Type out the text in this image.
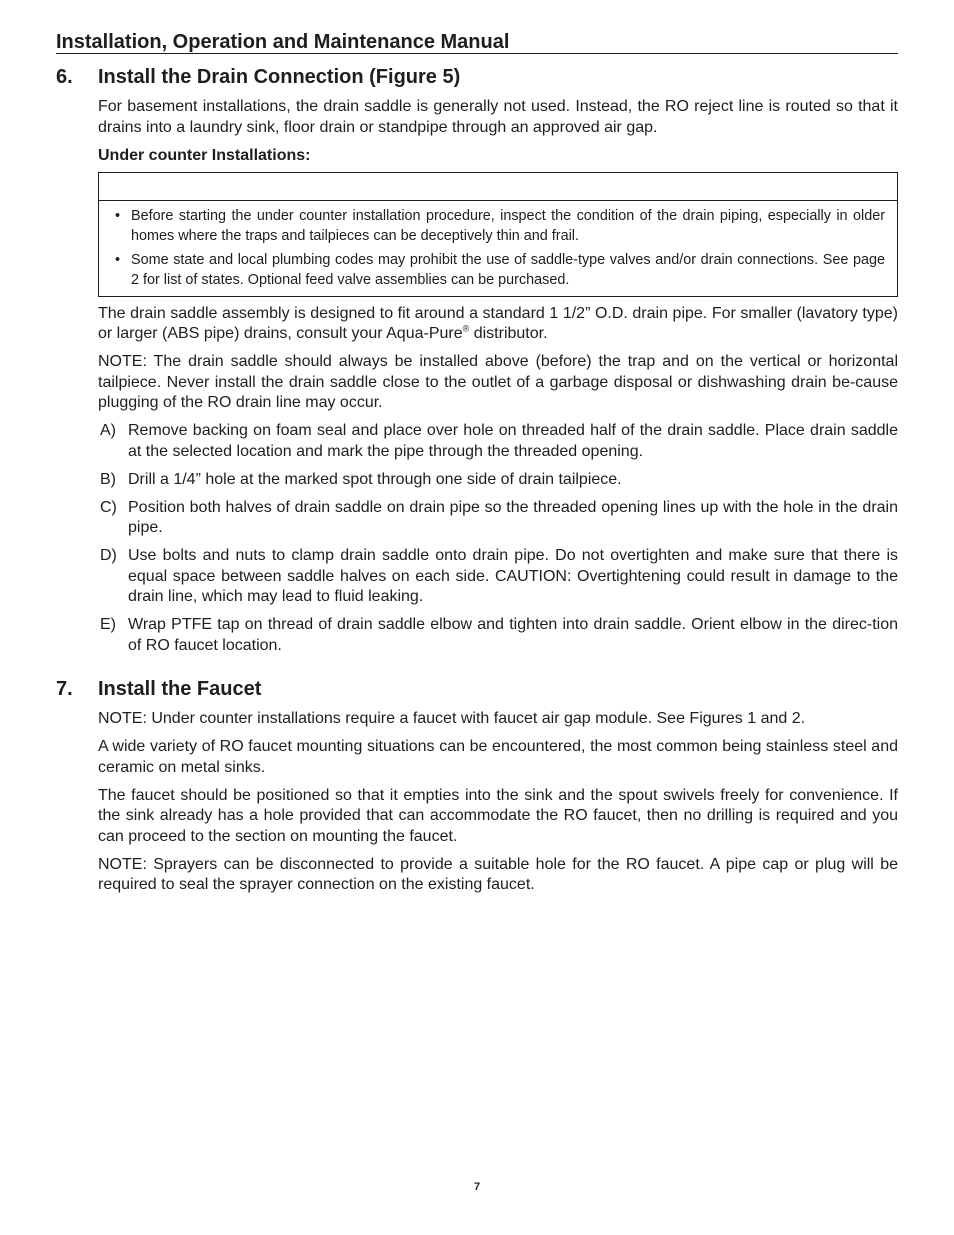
Installation, Operation and Maintenance Manual
6.	Install the Drain Connection (Figure 5)

For basement installations, the drain saddle is generally not used. Instead, the RO reject line is routed so that it drains into a laundry sink, floor drain or standpipe through an approved air gap.

Under counter Installations:
• Before starting the under counter installation procedure, inspect the condition of the drain piping, especially in older homes where the traps and tailpieces can be deceptively thin and frail.
• Some state and local plumbing codes may prohibit the use of saddle-type valves and/or drain connections. See page 2 for list of states. Optional feed valve assemblies can be purchased.

The drain saddle assembly is designed to fit around a standard 1 1/2” O.D. drain pipe. For smaller (lavatory type) or larger (ABS pipe) drains, consult your Aqua-Pure® distributor.

NOTE: The drain saddle should always be installed above (before) the trap and on the vertical or horizontal tailpiece. Never install the drain saddle close to the outlet of a garbage disposal or dishwashing drain be-cause plugging of the RO drain line may occur.

A) Remove backing on foam seal and place over hole on threaded half of the drain saddle. Place drain saddle at the selected location and mark the pipe through the threaded opening.
B) Drill a 1/4” hole at the marked spot through one side of drain tailpiece.
C) Position both halves of drain saddle on drain pipe so the threaded opening lines up with the hole in the drain pipe.
D) Use bolts and nuts to clamp drain saddle onto drain pipe. Do not overtighten and make sure that there is equal space between saddle halves on each side. CAUTION: Overtightening could result in damage to the drain line, which may lead to fluid leaking.
E) Wrap PTFE tap on thread of drain saddle elbow and tighten into drain saddle. Orient elbow in the direc-tion of RO faucet location.
7.	Install the Faucet

NOTE: Under counter installations require a faucet with faucet air gap module. See Figures 1 and 2.

A wide variety of RO faucet mounting situations can be encountered, the most common being stainless steel and ceramic on metal sinks.

The faucet should be positioned so that it empties into the sink and the spout swivels freely for convenience. If the sink already has a hole provided that can accommodate the RO faucet, then no drilling is required and you can proceed to the section on mounting the faucet.

NOTE: Sprayers can be disconnected to provide a suitable hole for the RO faucet. A pipe cap or plug will be required to seal the sprayer connection on the existing faucet.

7
